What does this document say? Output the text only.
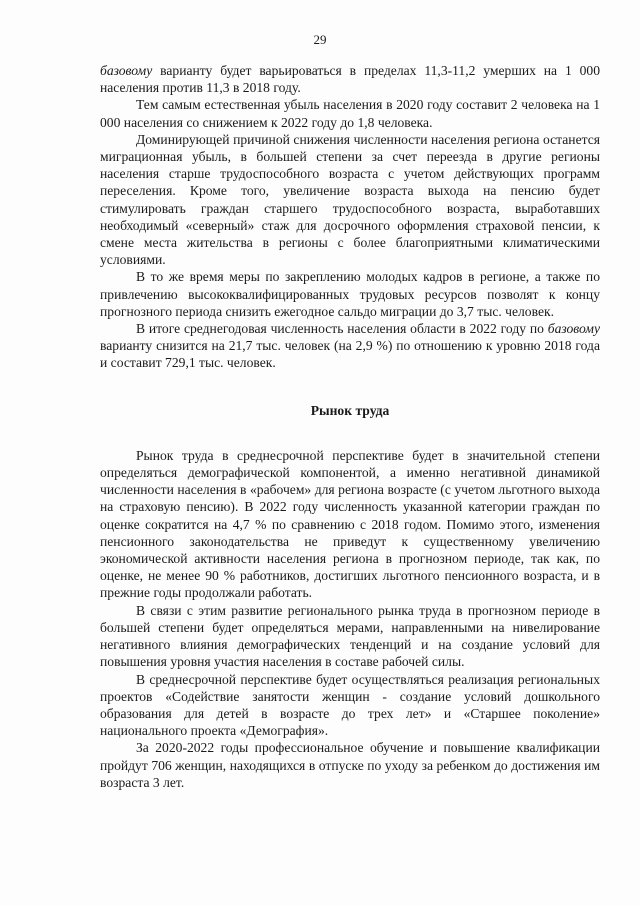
29

базовому варианту будет варьироваться в пределах 11,3-11,2 умерших на 1 000 населения против 11,3 в 2018 году.

Тем самым естественная убыль населения в 2020 году составит 2 человека на 1 000 населения со снижением к 2022 году до 1,8 человека.

Доминирующей причиной снижения численности населения региона останется миграционная убыль, в большей степени за счет переезда в другие регионы населения старше трудоспособного возраста с учетом действующих программ переселения. Кроме того, увеличение возраста выхода на пенсию будет стимулировать граждан старшего трудоспособного возраста, выработавших необходимый «северный» стаж для досрочного оформления страховой пенсии, к смене места жительства в регионы с более благоприятными климатическими условиями.

В то же время меры по закреплению молодых кадров в регионе, а также по привлечению высококвалифицированных трудовых ресурсов позволят к концу прогнозного периода снизить ежегодное сальдо миграции до 3,7 тыс. человек.

В итоге среднегодовая численность населения области в 2022 году по базовому варианту снизится на 21,7 тыс. человек (на 2,9 %) по отношению к уровню 2018 года и составит 729,1 тыс. человек.

Рынок труда

Рынок труда в среднесрочной перспективе будет в значительной степени определяться демографической компонентой, а именно негативной динамикой численности населения в «рабочем» для региона возрасте (с учетом льготного выхода на страховую пенсию). В 2022 году численность указанной категории граждан по оценке сократится на 4,7 % по сравнению с 2018 годом. Помимо этого, изменения пенсионного законодательства не приведут к существенному увеличению экономической активности населения региона в прогнозном периоде, так как, по оценке, не менее 90 % работников, достигших льготного пенсионного возраста, и в прежние годы продолжали работать.

В связи с этим развитие регионального рынка труда в прогнозном периоде в большей степени будет определяться мерами, направленными на нивелирование негативного влияния демографических тенденций и на создание условий для повышения уровня участия населения в составе рабочей силы.

В среднесрочной перспективе будет осуществляться реализация региональных проектов «Содействие занятости женщин - создание условий дошкольного образования для детей в возрасте до трех лет» и «Старшее поколение» национального проекта «Демография».

За 2020-2022 годы профессиональное обучение и повышение квалификации пройдут 706 женщин, находящихся в отпуске по уходу за ребенком до достижения им возраста 3 лет.
